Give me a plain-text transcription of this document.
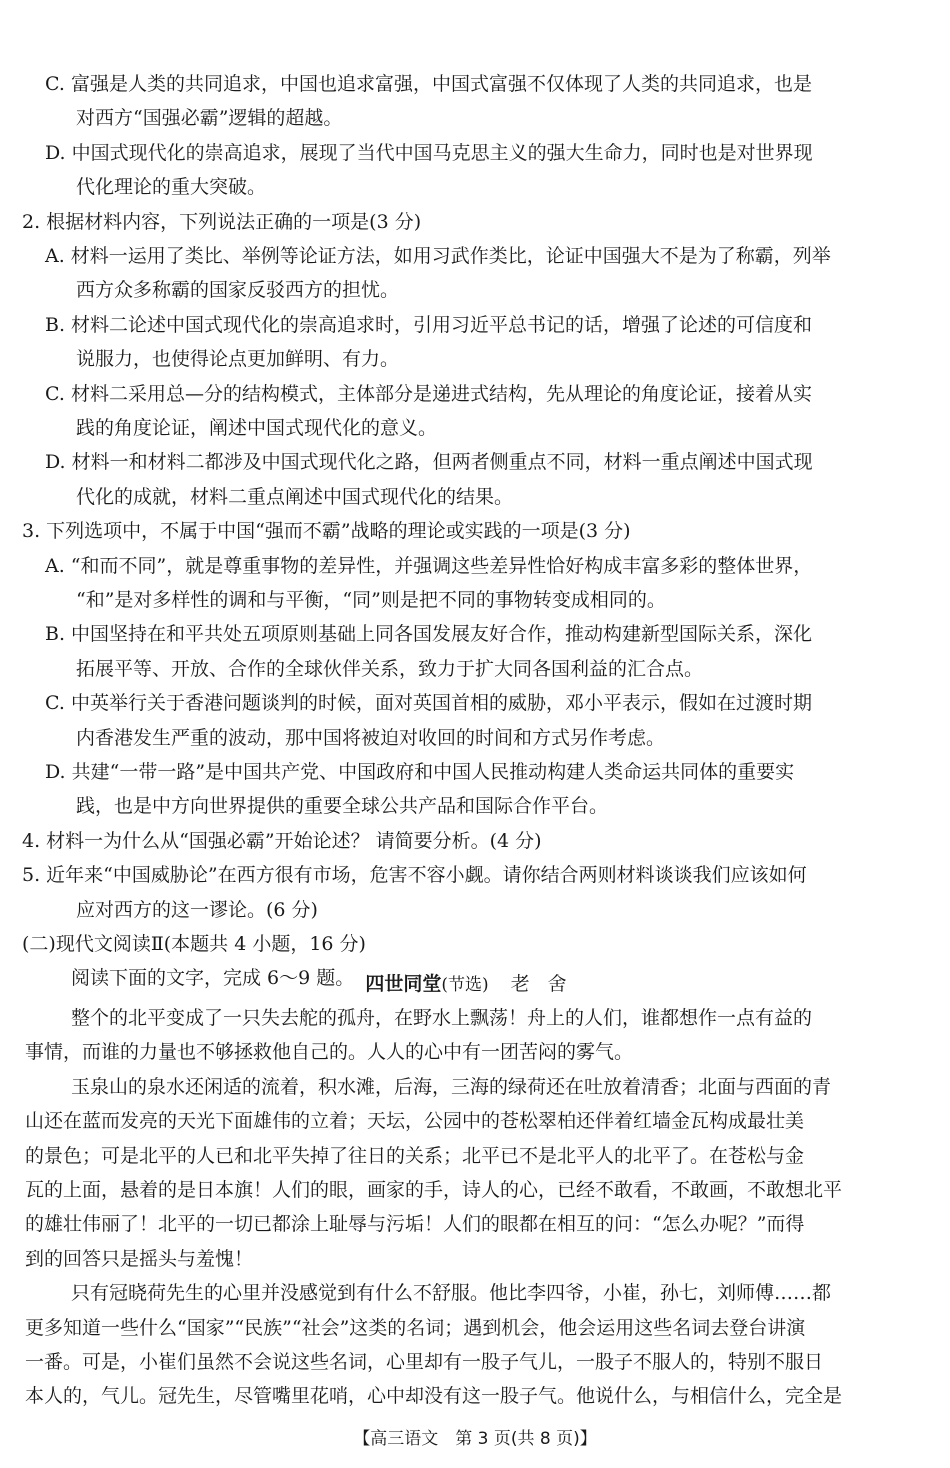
C. 富强是人类的共同追求，中国也追求富强，中国式富强不仅体现了人类的共同追求，也是
对西方“国强必霸”逻辑的超越。
D. 中国式现代化的崇高追求，展现了当代中国马克思主义的强大生命力，同时也是对世界现
代化理论的重大突破。
2. 根据材料内容，下列说法正确的一项是(3 分)
A. 材料一运用了类比、举例等论证方法，如用习武作类比，论证中国强大不是为了称霸，列举
西方众多称霸的国家反驳西方的担忧。
B. 材料二论述中国式现代化的崇高追求时，引用习近平总书记的话，增强了论述的可信度和
说服力，也使得论点更加鲜明、有力。
C. 材料二采用总—分的结构模式，主体部分是递进式结构，先从理论的角度论证，接着从实
践的角度论证，阐述中国式现代化的意义。
D. 材料一和材料二都涉及中国式现代化之路，但两者侧重点不同，材料一重点阐述中国式现
代化的成就，材料二重点阐述中国式现代化的结果。
3. 下列选项中，不属于中国“强而不霸”战略的理论或实践的一项是(3 分)
A. “和而不同”，就是尊重事物的差异性，并强调这些差异性恰好构成丰富多彩的整体世界，
“和”是对多样性的调和与平衡，“同”则是把不同的事物转变成相同的。
B. 中国坚持在和平共处五项原则基础上同各国发展友好合作，推动构建新型国际关系，深化
拓展平等、开放、合作的全球伙伴关系，致力于扩大同各国利益的汇合点。
C. 中英举行关于香港问题谈判的时候，面对英国首相的威胁，邓小平表示，假如在过渡时期
内香港发生严重的波动，那中国将被迫对收回的时间和方式另作考虑。
D. 共建“一带一路”是中国共产党、中国政府和中国人民推动构建人类命运共同体的重要实
践，也是中方向世界提供的重要全球公共产品和国际合作平台。
4. 材料一为什么从“国强必霸”开始论述？ 请简要分析。(4 分)
5. 近年来“中国威胁论”在西方很有市场，危害不容小觑。请你结合两则材料谈谈我们应该如何
应对西方的这一谬论。(6 分)
(二)现代文阅读Ⅱ(本题共 4 小题，16 分)
阅读下面的文字，完成 6～9 题。 四世同堂(节选) 老舍
整个的北平变成了一只失去舵的孤舟，在野水上飘荡！舟上的人们，谁都想作一点有益的
事情，而谁的力量也不够拯救他自己的。人人的心中有一团苦闷的雾气。
玉泉山的泉水还闲适的流着，积水滩，后海，三海的绿荷还在吐放着清香；北面与西面的青
山还在蓝而发亮的天光下面雄伟的立着；天坛，公园中的苍松翠柏还伴着红墙金瓦构成最壮美
的景色；可是北平的人已和北平失掉了往日的关系；北平已不是北平人的北平了。在苍松与金
瓦的上面，悬着的是日本旗！人们的眼，画家的手，诗人的心，已经不敢看，不敢画，不敢想北平
的雄壮伟丽了！北平的一切已都涂上耻辱与污垢！人们的眼都在相互的问：“怎么办呢？”而得
到的回答只是摇头与羞愧！
只有冠晓荷先生的心里并没感觉到有什么不舒服。他比李四爷，小崔，孙七，刘师傅……都
更多知道一些什么“国家”“民族”“社会”这类的名词；遇到机会，他会运用这些名词去登台讲演
一番。可是，小崔们虽然不会说这些名词，心里却有一股子气儿，一股子不服人的，特别不服日
本人的，气儿。冠先生，尽管嘴里花哨，心中却没有这一股子气。他说什么，与相信什么，完全是
【高三语文　第 3 页(共 8 页)】
